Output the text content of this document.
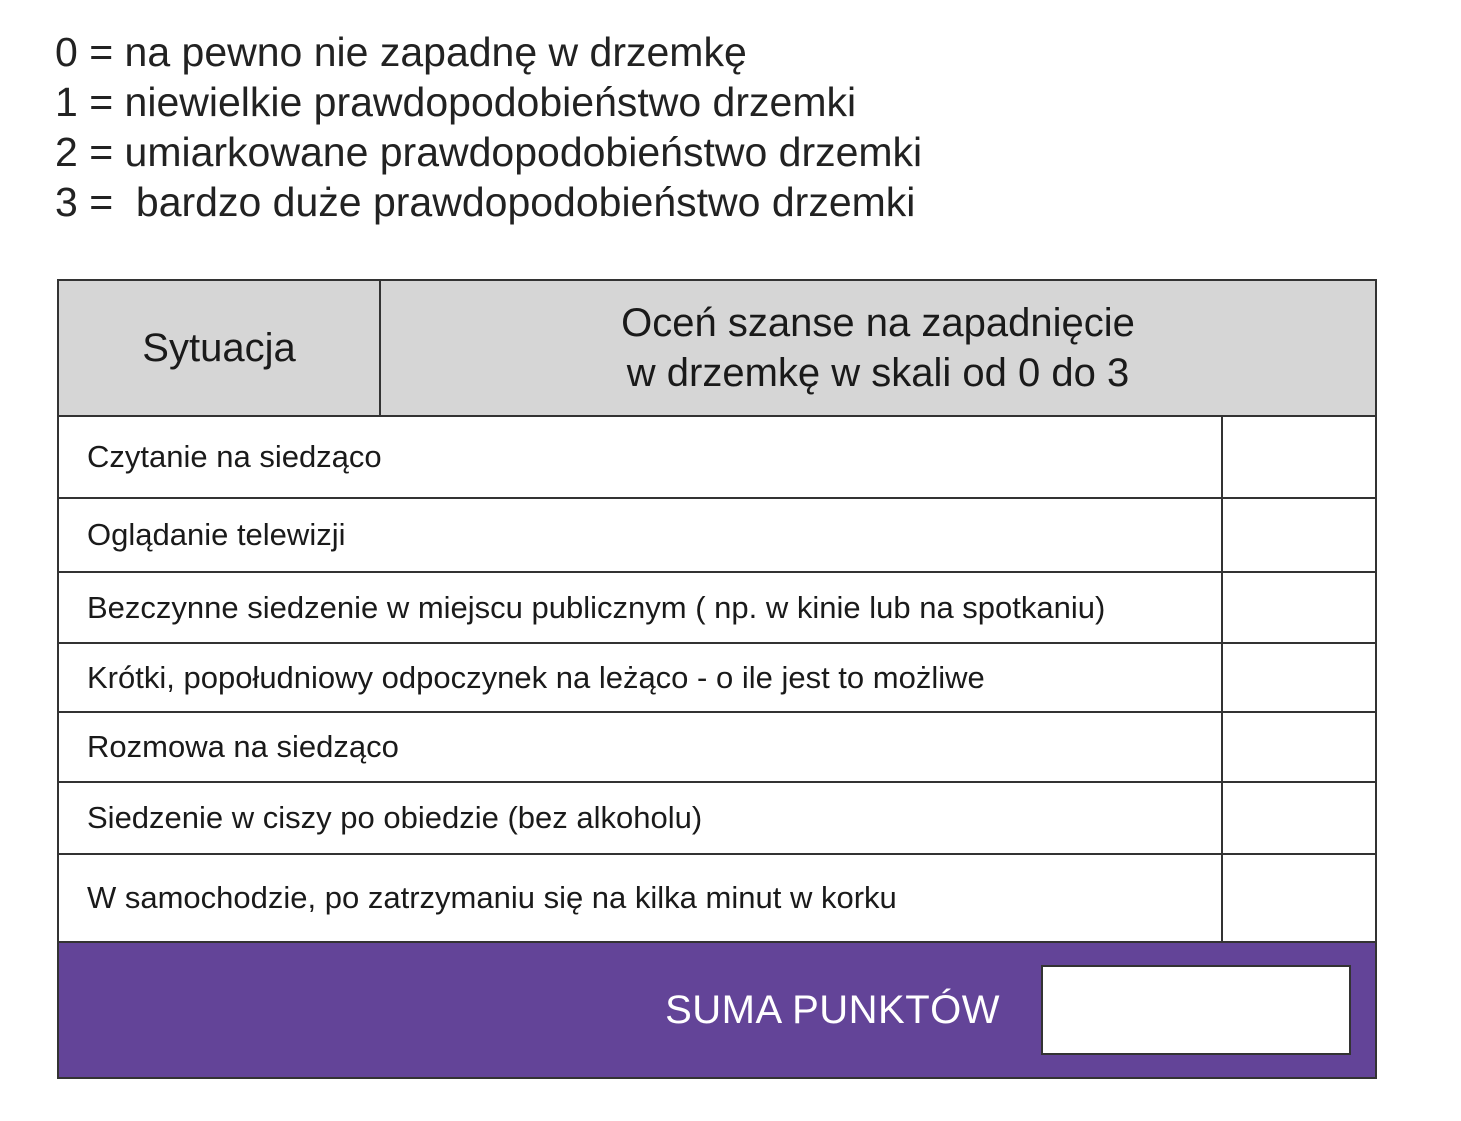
0 = na pewno nie zapadnę w drzemkę
1 = niewielkie prawdopodobieństwo drzemki
2 = umiarkowane prawdopodobieństwo drzemki
3 =  bardzo duże prawdopodobieństwo drzemki
Sytuacja
Oceń szanse na zapadnięcie
w drzemkę w skali od 0 do 3
Czytanie na siedząco
Oglądanie telewizji
Bezczynne siedzenie w miejscu publicznym ( np. w kinie lub na spotkaniu)
Krótki, popołudniowy odpoczynek na leżąco - o ile jest to możliwe
Rozmowa na siedząco
Siedzenie w ciszy po obiedzie (bez alkoholu)
W samochodzie, po zatrzymaniu się na kilka minut w korku
SUMA PUNKTÓW
